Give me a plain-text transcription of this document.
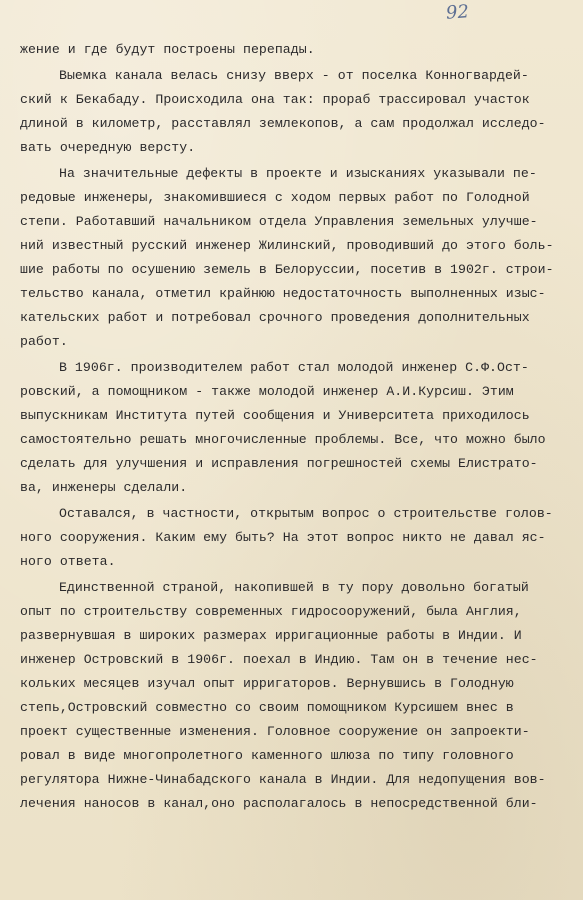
92
жение и где будут построены перепады.
Выемка канала велась снизу вверх - от поселка Конногвардей-
ский к Бекабаду. Происходила она так: прораб трассировал участок
длиной в километр, расставлял землекопов, а сам продолжал исследо-
вать очередную версту.
На значительные дефекты в проекте и изысканиях указывали пе-
редовые инженеры, знакомившиеся с ходом первых работ по Голодной
степи. Работавший начальником отдела Управления земельных улучше-
ний известный русский инженер Жилинский, проводивший до этого боль-
шие работы по осушению земель в Белоруссии, посетив в 1902г. строи-
тельство канала, отметил крайнюю недостаточность выполненных изыс-
кательских работ и потребовал срочного проведения дополнительных
работ.
В 1906г. производителем работ стал молодой инженер С.Ф.Ост-
ровский, а помощником - также молодой инженер А.И.Курсиш. Этим
выпускникам Института путей сообщения и Университета приходилось
самостоятельно решать многочисленные проблемы. Все, что можно было
сделать для улучшения и исправления погрешностей схемы Елистрато-
ва, инженеры сделали.
Оставался, в частности, открытым вопрос о строительстве голов-
ного сооружения. Каким ему быть? На этот вопрос никто не давал яс-
ного ответа.
Единственной страной, накопившей в ту пору довольно богатый
опыт по строительству современных гидросооружений, была Англия,
развернувшая в широких размерах ирригационные работы в Индии. И
инженер Островский в 1906г. поехал в Индию. Там он в течение нес-
кольких месяцев изучал опыт ирригаторов. Вернувшись в Голодную
степь,Островский совместно со своим помощником Курсишем внес в
проект существенные изменения. Головное сооружение он запроекти-
ровал в виде многопролетного каменного шлюза по типу головного
регулятора Нижне-Чинабадского канала в Индии. Для недопущения вов-
лечения наносов в канал,оно располагалось в непосредственной бли-
